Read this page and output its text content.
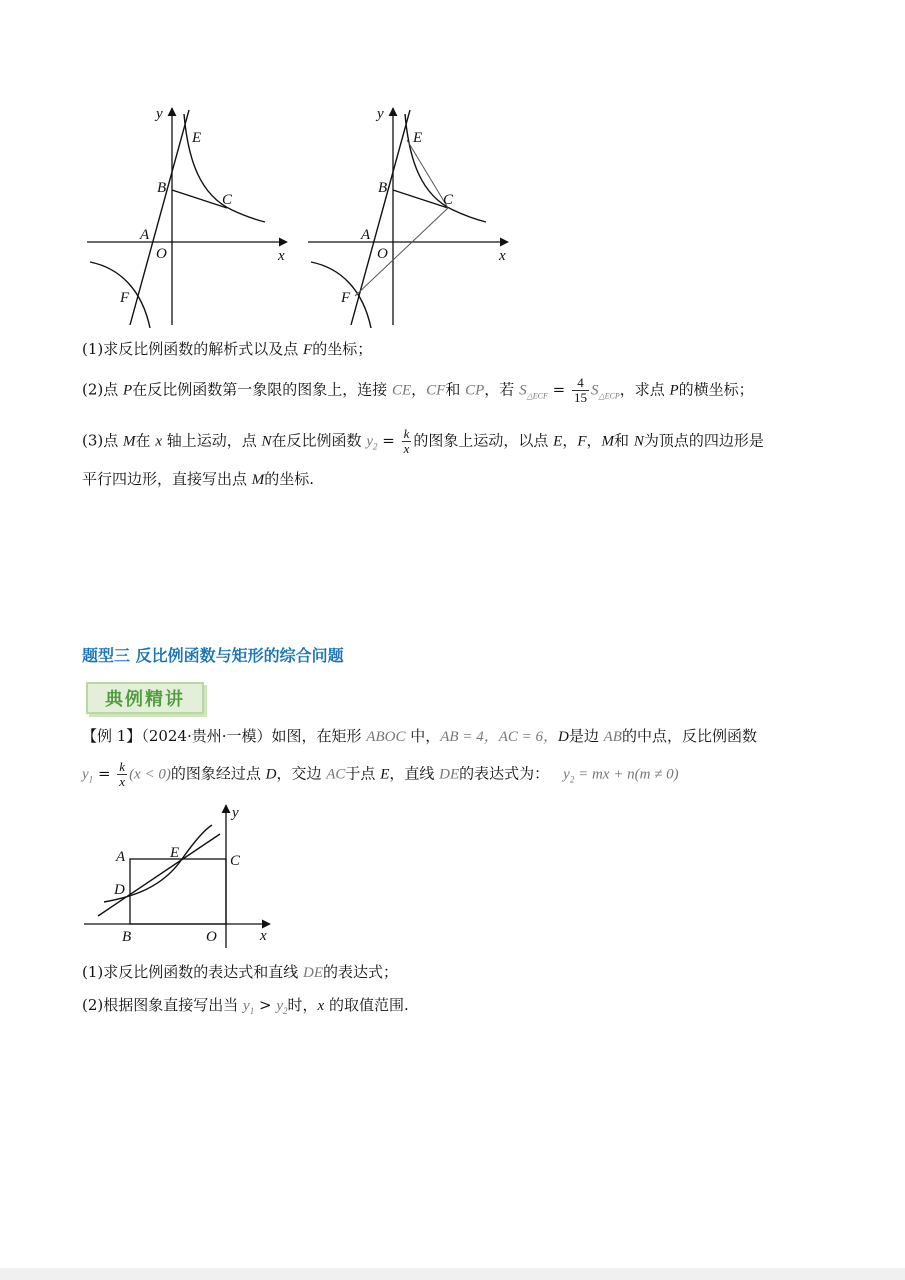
y
x
E
B
C
A
O
F
y
x
E
B
C
A
O
F
(1)求反比例函数的解析式以及点 F的坐标；
(2)点 P在反比例函数第一象限的图象上，连接 CE，CF和 CP，若 $S_{\triangle ECF} = \frac{4}{15} S_{\triangle ECP}$，求点 P的横坐标；
(3)点 M在 x 轴上运动，点 N在反比例函数 $y_2 = \frac{k}{x}$ 的图象上运动，以点 E，F，M和 N为顶点的四边形是
平行四边形，直接写出点 M的坐标.
题型三 反比例函数与矩形的综合问题
典例精讲
【例 1】（2024·贵州·一模）如图，在矩形 ABOC 中，AB = 4，AC = 6，D是边 AB的中点，反比例函数
$y_1 = \frac{k}{x} (x < 0)$的图象经过点 D，交边 AC于点 E，直线 DE的表达式为： $y_2$ = mx + n(m ≠ 0)
y
x
A	E	C
D
B	O
(1)求反比例函数的表达式和直线 DE的表达式；
(2)根据图象直接写出当 $y_1 > y_2$时，x 的取值范围.
